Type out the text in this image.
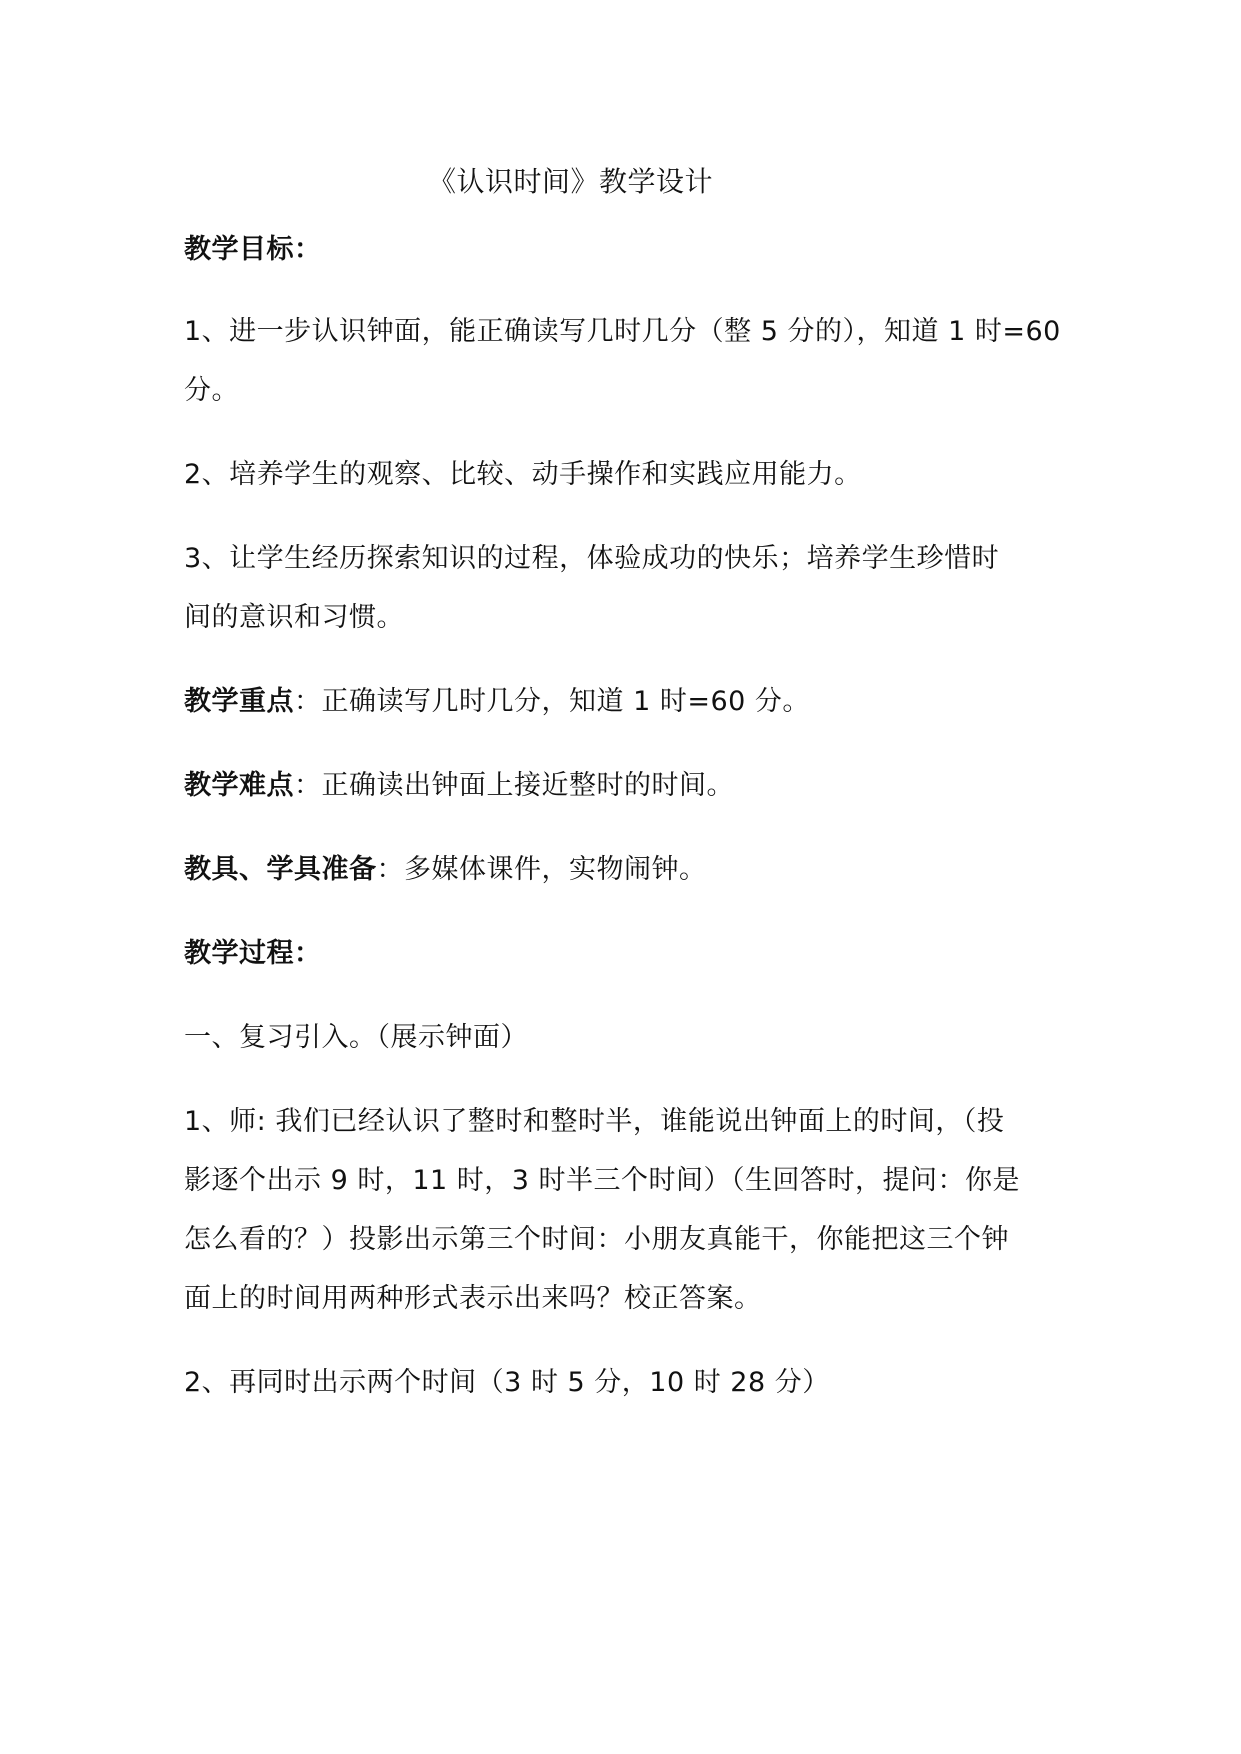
《认识时间》教学设计
教学目标：
1、进一步认识钟面，能正确读写几时几分（整 5 分的），知道 1 时=60
分。
2、培养学生的观察、比较、动手操作和实践应用能力。
3、让学生经历探索知识的过程，体验成功的快乐；培养学生珍惜时
间的意识和习惯。
教学重点：正确读写几时几分，知道 1 时=60 分。
教学难点：正确读出钟面上接近整时的时间。
教具、学具准备：多媒体课件，实物闹钟。
教学过程：
一、复习引入。（展示钟面）
1、师: 我们已经认识了整时和整时半，谁能说出钟面上的时间，（投
影逐个出示 9 时，11 时，3 时半三个时间）（生回答时，提问：你是
怎么看的？）投影出示第三个时间：小朋友真能干，你能把这三个钟
面上的时间用两种形式表示出来吗？校正答案。
2、再同时出示两个时间（3 时 5 分，10 时 28 分）
